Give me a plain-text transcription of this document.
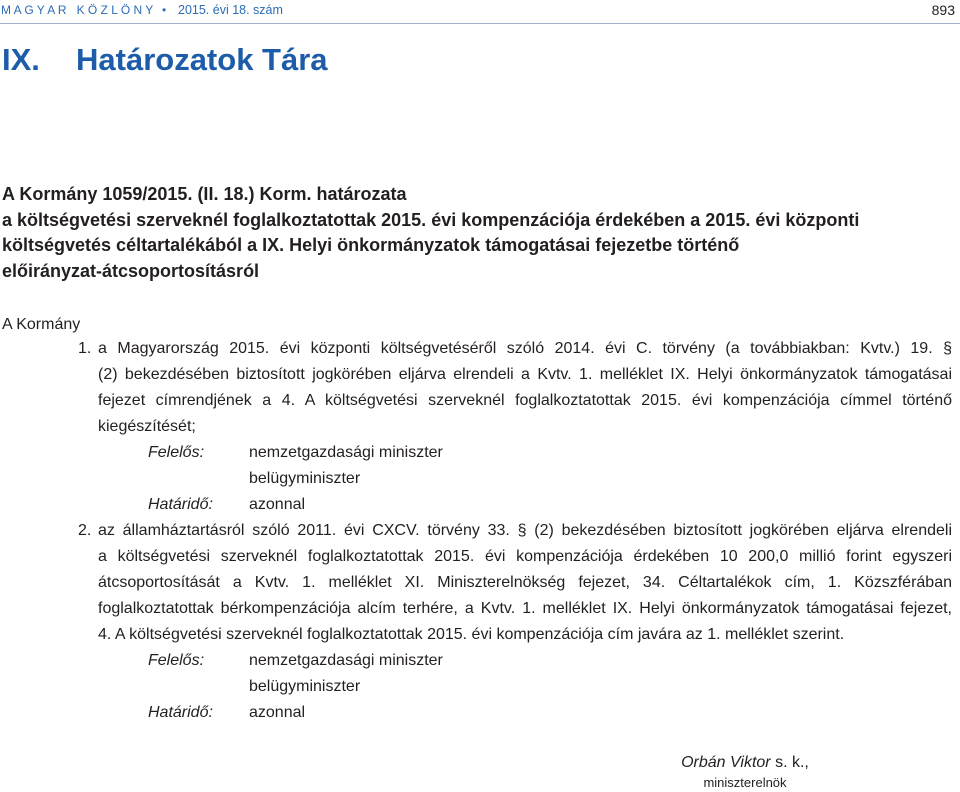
M A G Y A R   K Ö Z L Ö N Y • 2015. évi 18. szám	893
IX. Határozatok Tára
A Kormány 1059/2015. (II. 18.) Korm. határozata
a költségvetési szerveknél foglalkoztatottak 2015. évi kompenzációja érdekében a 2015. évi központi
költségvetés céltartalékából a IX. Helyi önkormányzatok támogatásai fejezetbe történő
előirányzat-átcsoportosításról
A Kormány
1. a Magyarország 2015. évi központi költségvetéséről szóló 2014. évi C. törvény (a továbbiakban: Kvtv.) 19. §
(2) bekezdésében biztosított jogkörében eljárva elrendeli a Kvtv. 1. melléklet IX. Helyi önkormányzatok támogatásai
fejezet címrendjének a 4. A költségvetési szerveknél foglalkoztatottak 2015. évi kompenzációja címmel történő
kiegészítését;
Felelős:	nemzetgazdasági miniszter
belügyminiszter
Határidő: azonnal
2. az államháztartásról szóló 2011. évi CXCV. törvény 33. § (2) bekezdésében biztosított jogkörében eljárva elrendeli
a költségvetési szerveknél foglalkoztatottak 2015. évi kompenzációja érdekében 10 200,0 millió forint egyszeri
átcsoportosítását a Kvtv. 1. melléklet XI. Miniszterelnökség fejezet, 34. Céltartalékok cím, 1. Közszférában
foglalkoztatottak bérkompenzációja alcím terhére, a Kvtv. 1. melléklet IX. Helyi önkormányzatok támogatásai fejezet,
4. A költségvetési szerveknél foglalkoztatottak 2015. évi kompenzációja cím javára az 1. melléklet szerint.
Felelős:	nemzetgazdasági miniszter
belügyminiszter
Határidő: azonnal
Orbán Viktor s. k.,
miniszterelnök
